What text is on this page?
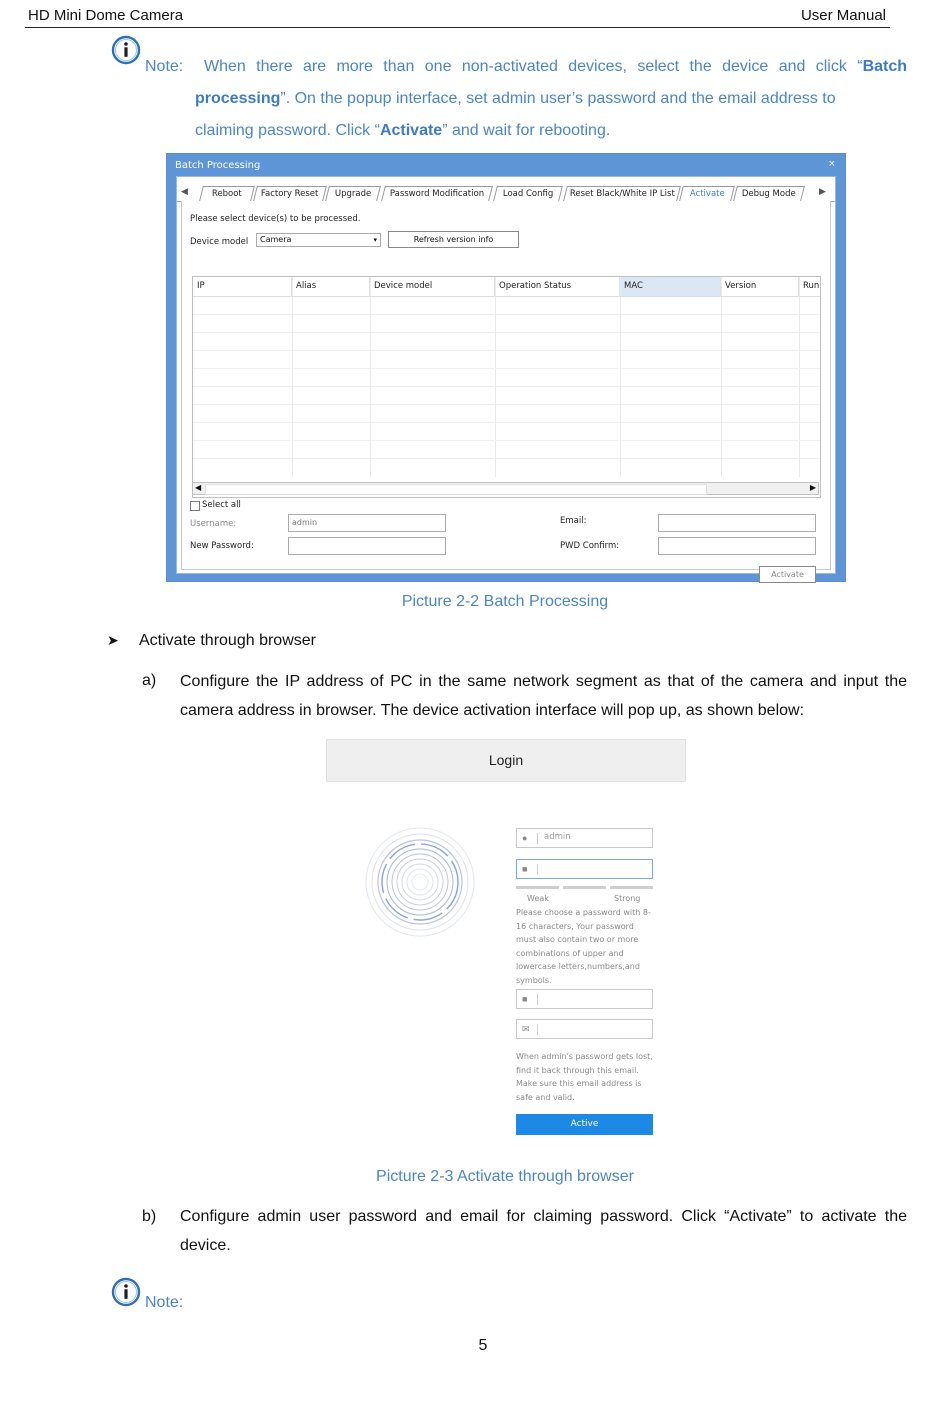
HD Mini Dome Camera	User Manual
Note: When there are more than one non-activated devices, select the device and click “Batch
processing”. On the popup interface, set admin user’s password and the email address to
claiming password. Click “Activate” and wait for rebooting.
Batch Processing	×
◀	Reboot	Factory Reset	Upgrade	Password Modification	Load Config	Reset Black/White IP List	Activate	Debug Mode	▶
Please select device(s) to be processed.
Device model	Camera	▾	Refresh version info
IP	Alias	Device model	Operation Status	MAC	Version	Run
◀	▶
Select all
Username:	admin
New Password:
Email:
PWD Confirm:
Activate
Picture 2-2 Batch Processing
➤ Activate through browser
a) Configure the IP address of PC in the same network segment as that of the camera and input the camera address in browser. The device activation interface will pop up, as shown below:
Login
●	admin
■
Weak	Strong
Please choose a password with 8-16 characters, Your password must also contain two or more combinations of upper and lowercase letters,numbers,and symbols.
■
✉
When admin's password gets lost, find it back through this email. Make sure this email address is safe and valid.
Active
Picture 2-3 Activate through browser
b) Configure admin user password and email for claiming password. Click “Activate” to activate the device.
Note:
5
